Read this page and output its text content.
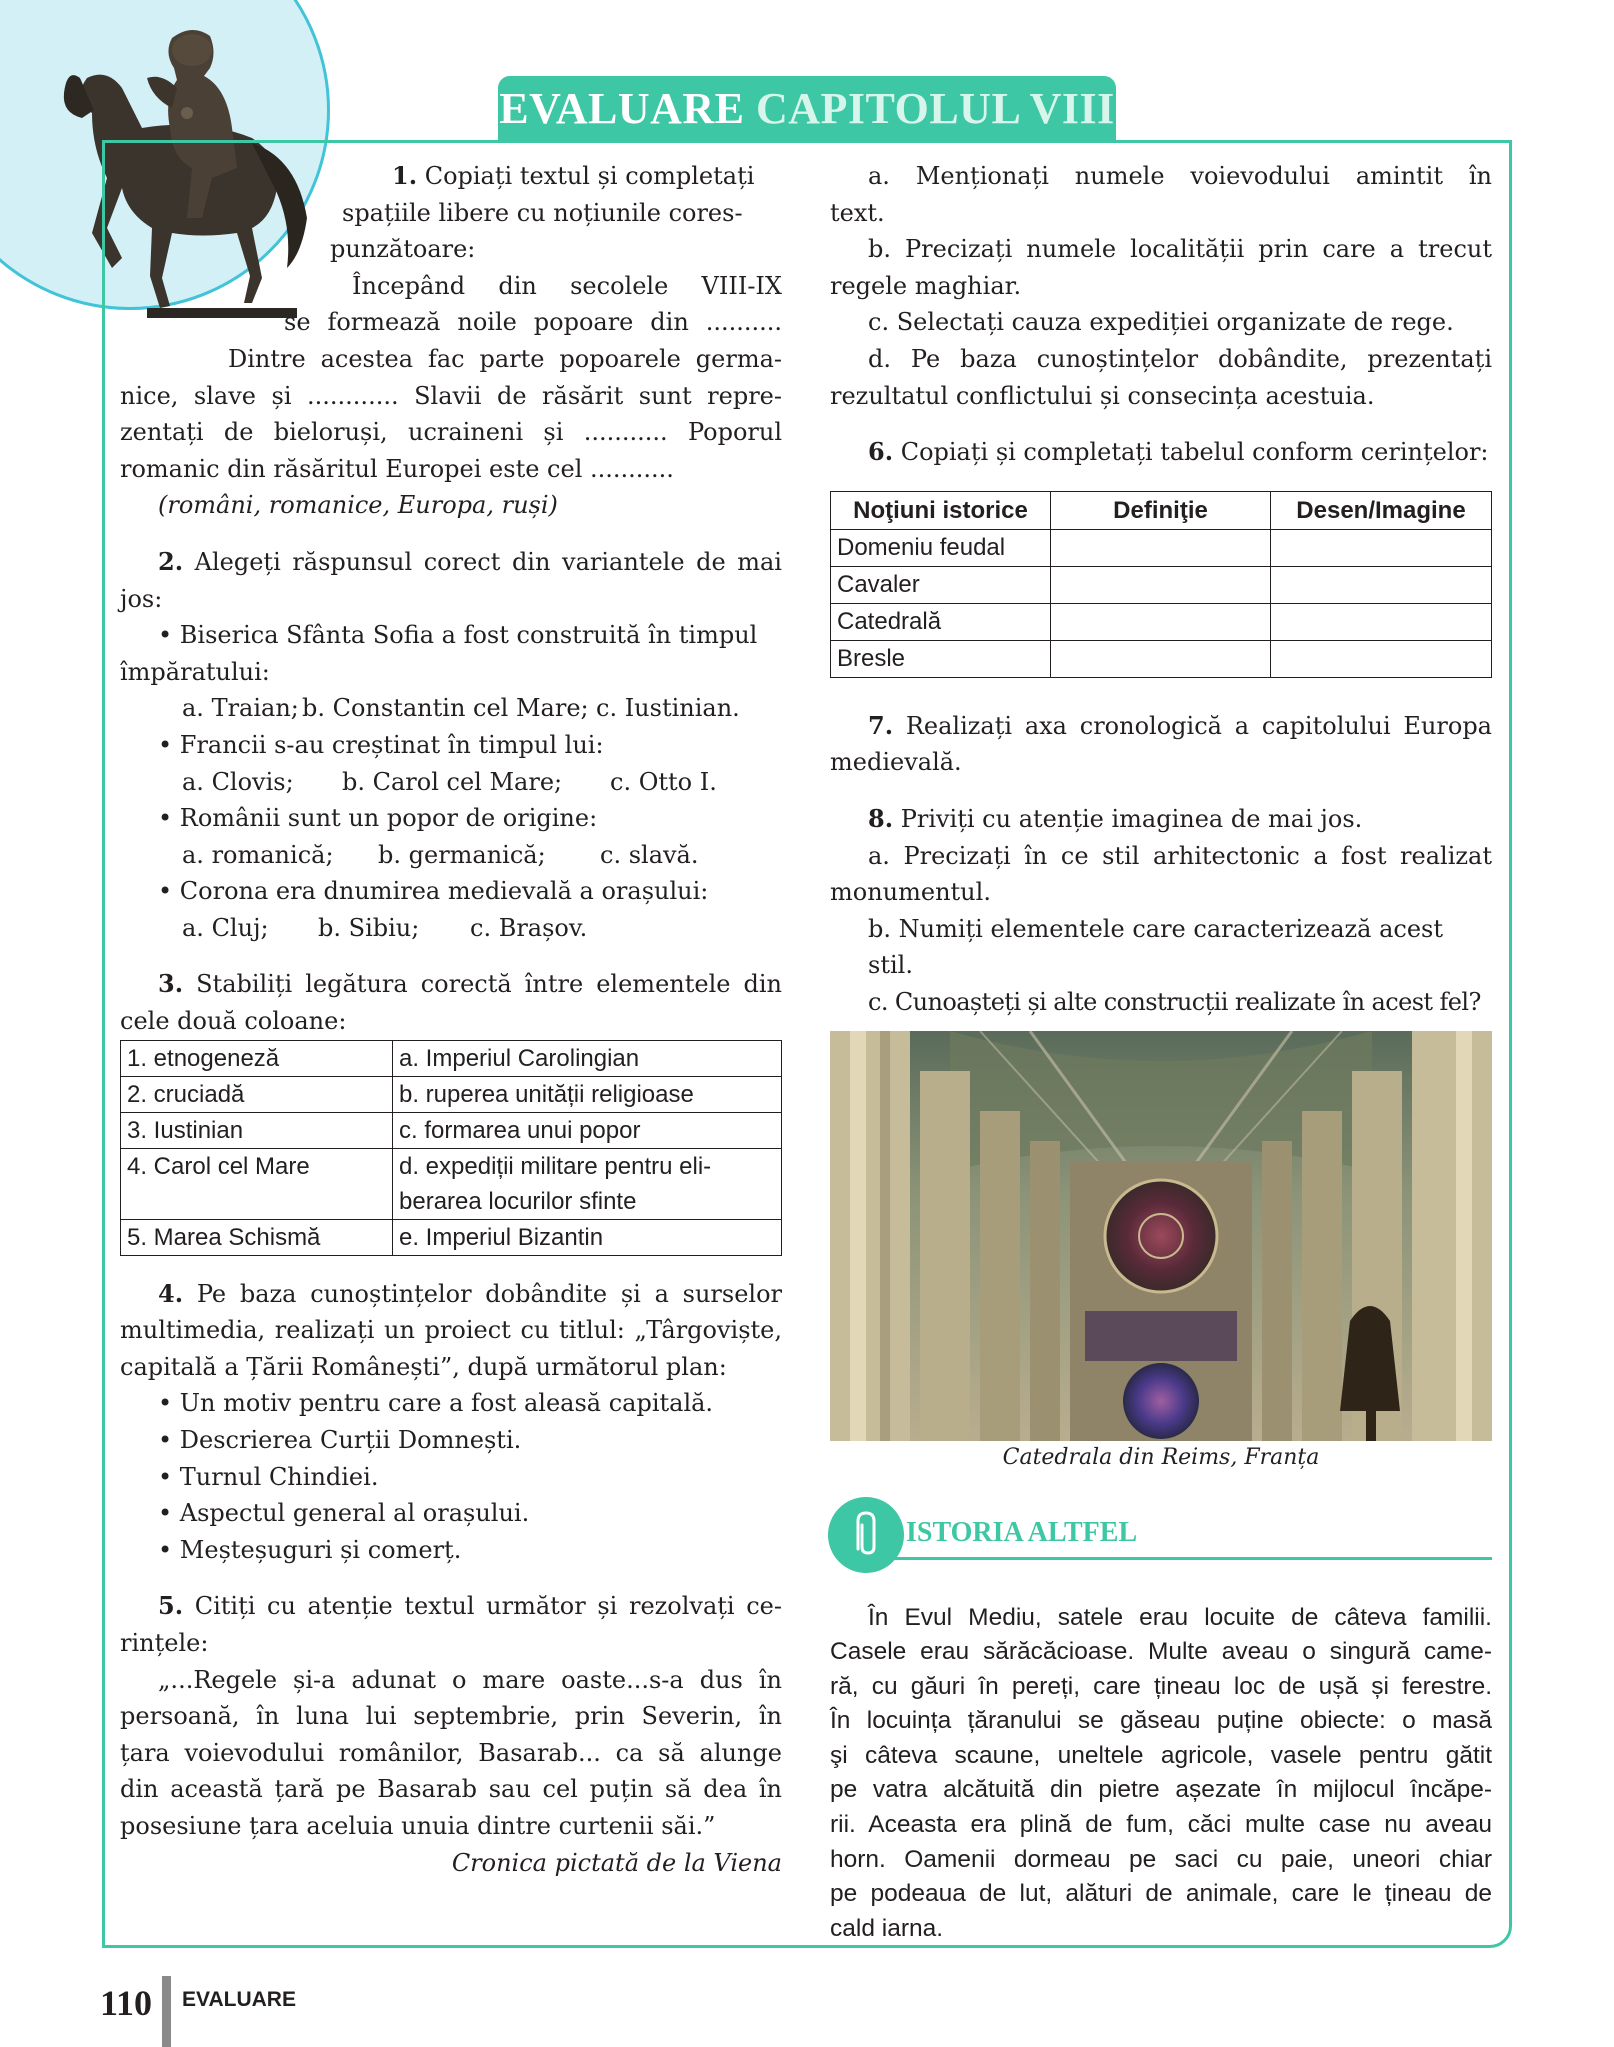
EVALUARE CAPITOLUL VIII

1. Copiați textul și completați

spațiile libere cu noțiunile cores-

punzătoare:

Începând din secolele VIII-IX

se formează noile popoare din ..........

Dintre acestea fac parte popoarele germa-

nice, slave și ............ Slavii de răsărit sunt repre-

zentați de bieloruși, ucraineni și ........... Poporul

romanic din răsăritul Europei este cel ...........

(români, romanice, Europa, ruși)

2. Alegeți răspunsul corect din variantele de mai

jos:

• Biserica Sfânta Sofia a fost construită în timpul

împăratului:

a. Traian; b. Constantin cel Mare; c. Iustinian.

• Francii s-au creștinat în timpul lui:

a. Clovis;	b. Carol cel Mare;	c. Otto I.

• Românii sunt un popor de origine:

a. romanică;	b. germanică;	c. slavă.

• Corona era dnumirea medievală a orașului:

a. Cluj;	b. Sibiu;	c. Brașov.

3. Stabiliți legătura corectă între elementele din

cele două coloane:

1. etnogeneză	a. Imperiul Carolingian
2. cruciadă	b. ruperea unității religioase
3. Iustinian	c. formarea unui popor
4. Carol cel Mare	d. expediții militare pentru eli-berarea locurilor sfinte
5. Marea Schismă	e. Imperiul Bizantin

4. Pe baza cunoștințelor dobândite și a surselor

multimedia, realizați un proiect cu titlul: „Târgoviște,

capitală a Țării Românești”, după următorul plan:

• Un motiv pentru care a fost aleasă capitală.

• Descrierea Curții Domnești.

• Turnul Chindiei.

• Aspectul general al orașului.

• Meșteșuguri și comerț.

5. Citiți cu atenție textul următor și rezolvați ce-

rințele:

„...Regele și-a adunat o mare oaste...s-a dus în

persoană, în luna lui septembrie, prin Severin, în

țara voievodului românilor, Basarab... ca să alunge

din această țară pe Basarab sau cel puțin să dea în

posesiune țara aceluia unuia dintre curtenii săi.”

Cronica pictată de la Viena

a. Menționați numele voievodului amintit în

text.

b. Precizați numele localității prin care a trecut

regele maghiar.

c. Selectați cauza expediției organizate de rege.

d. Pe baza cunoștințelor dobândite, prezentați

rezultatul conflictului și consecința acestuia.

6. Copiați și completați tabelul conform cerințelor:

Noţiuni istorice	Definiţie	Desen/Imagine
Domeniu feudal		
Cavaler		
Catedrală		
Bresle		

7. Realizați axa cronologică a capitolului Europa

medievală.

8. Priviți cu atenție imaginea de mai jos.

a. Precizați în ce stil arhitectonic a fost realizat

monumentul.

b. Numiți elementele care caracterizează acest stil.

c. Cunoașteți și alte construcții realizate în acest fel?

Catedrala din Reims, Franța

ISTORIA ALTFEL

În Evul Mediu, satele erau locuite de câteva familii.

Casele erau sărăcăcioase. Multe aveau o singură came-

ră, cu găuri în pereți, care țineau loc de ușă și ferestre.

În locuința țăranului se găseau puține obiecte: o masă

şi câteva scaune, uneltele agricole, vasele pentru gătit

pe vatra alcătuită din pietre așezate în mijlocul încăpe-

rii. Aceasta era plină de fum, căci multe case nu aveau

horn. Oamenii dormeau pe saci cu paie, uneori chiar

pe podeaua de lut, alături de animale, care le țineau de

cald iarna.

110 EVALUARE
